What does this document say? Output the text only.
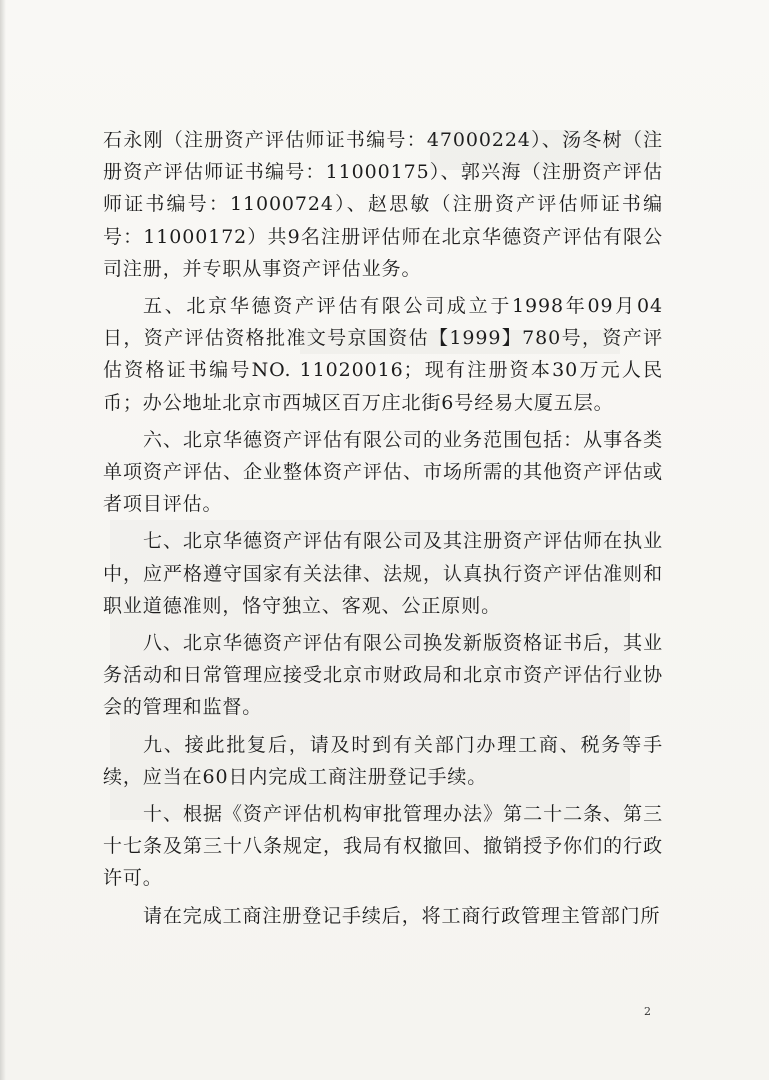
石永刚（注册资产评估师证书编号：47000224）、汤冬树（注册资产评估师证书编号：11000175）、郭兴海（注册资产评估师证书编号：11000724）、赵思敏（注册资产评估师证书编号：11000172）共9名注册评估师在北京华德资产评估有限公司注册，并专职从事资产评估业务。

五、北京华德资产评估有限公司成立于1998年09月04日，资产评估资格批准文号京国资估【1999】780号，资产评估资格证书编号NO. 11020016；现有注册资本30万元人民币；办公地址北京市西城区百万庄北街6号经易大厦五层。

六、北京华德资产评估有限公司的业务范围包括：从事各类单项资产评估、企业整体资产评估、市场所需的其他资产评估或者项目评估。

七、北京华德资产评估有限公司及其注册资产评估师在执业中，应严格遵守国家有关法律、法规，认真执行资产评估准则和职业道德准则，恪守独立、客观、公正原则。

八、北京华德资产评估有限公司换发新版资格证书后，其业务活动和日常管理应接受北京市财政局和北京市资产评估行业协会的管理和监督。

九、接此批复后，请及时到有关部门办理工商、税务等手续，应当在60日内完成工商注册登记手续。

十、根据《资产评估机构审批管理办法》第二十二条、第三十七条及第三十八条规定，我局有权撤回、撤销授予你们的行政许可。

请在完成工商注册登记手续后，将工商行政管理主管部门所

2
